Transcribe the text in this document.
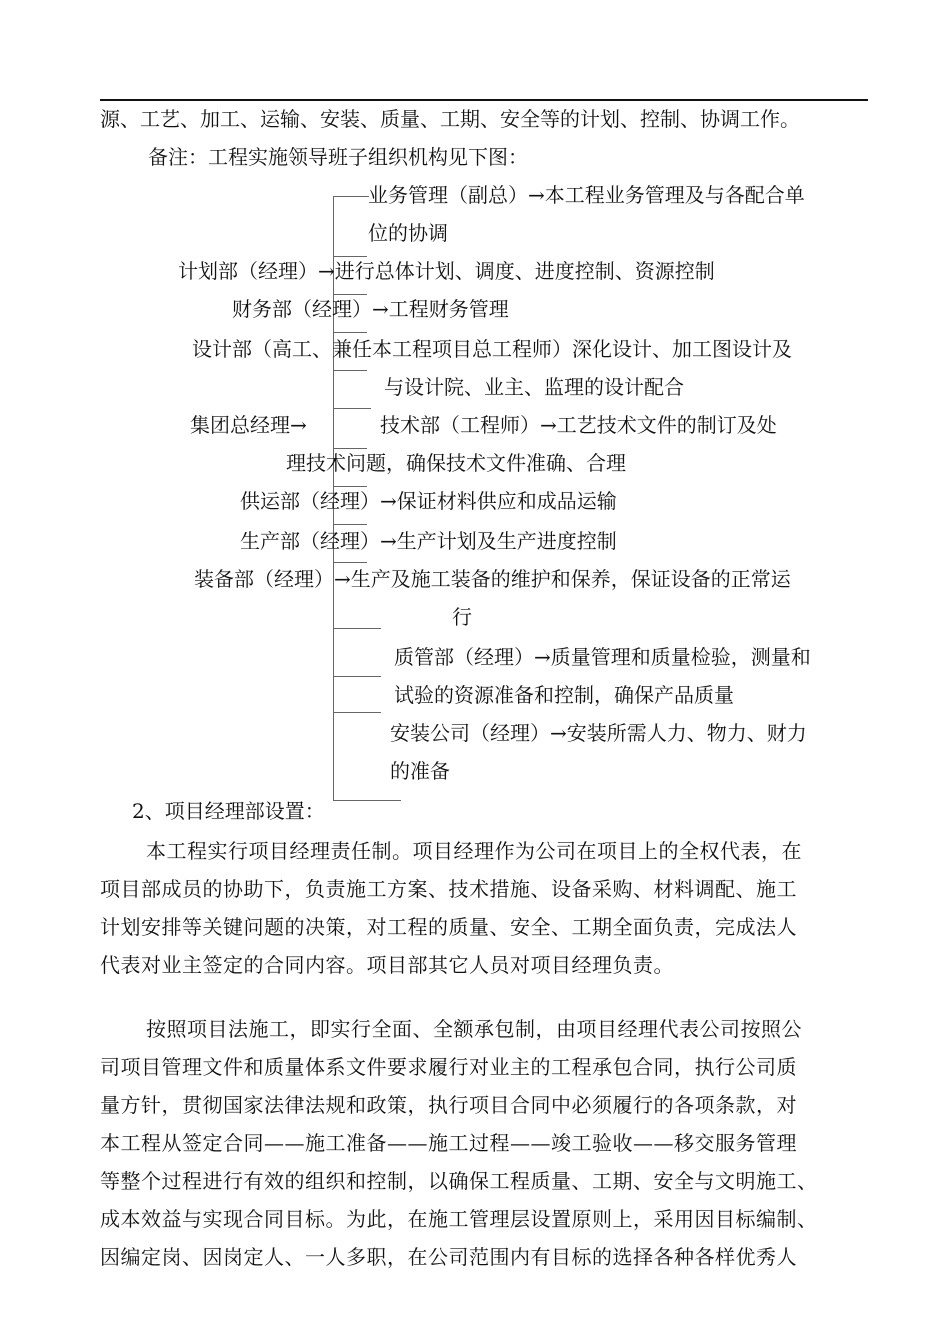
源、工艺、加工、运输、安装、质量、工期、安全等的计划、控制、协调工作。
备注：工程实施领导班子组织机构见下图：
业务管理（副总）→本工程业务管理及与各配合单
位的协调
计划部（经理）→进行总体计划、调度、进度控制、资源控制
财务部（经理）→工程财务管理
设计部（高工、兼任本工程项目总工程师）深化设计、加工图设计及
与设计院、业主、监理的设计配合
集团总经理→	技术部（工程师）→工艺技术文件的制订及处
理技术问题，确保技术文件准确、合理
供运部（经理）→保证材料供应和成品运输
生产部（经理）→生产计划及生产进度控制
装备部（经理）→生产及施工装备的维护和保养，保证设备的正常运
行
质管部（经理）→质量管理和质量检验，测量和
试验的资源准备和控制，确保产品质量
安装公司（经理）→安装所需人力、物力、财力
的准备
2、项目经理部设置：
本工程实行项目经理责任制。项目经理作为公司在项目上的全权代表，在
项目部成员的协助下，负责施工方案、技术措施、设备采购、材料调配、施工
计划安排等关键问题的决策，对工程的质量、安全、工期全面负责，完成法人
代表对业主签定的合同内容。项目部其它人员对项目经理负责。
按照项目法施工，即实行全面、全额承包制，由项目经理代表公司按照公
司项目管理文件和质量体系文件要求履行对业主的工程承包合同，执行公司质
量方针，贯彻国家法律法规和政策，执行项目合同中必须履行的各项条款，对
本工程从签定合同——施工准备——施工过程——竣工验收——移交服务管理
等整个过程进行有效的组织和控制，以确保工程质量、工期、安全与文明施工、
成本效益与实现合同目标。为此，在施工管理层设置原则上，采用因目标编制、
因编定岗、因岗定人、一人多职，在公司范围内有目标的选择各种各样优秀人
